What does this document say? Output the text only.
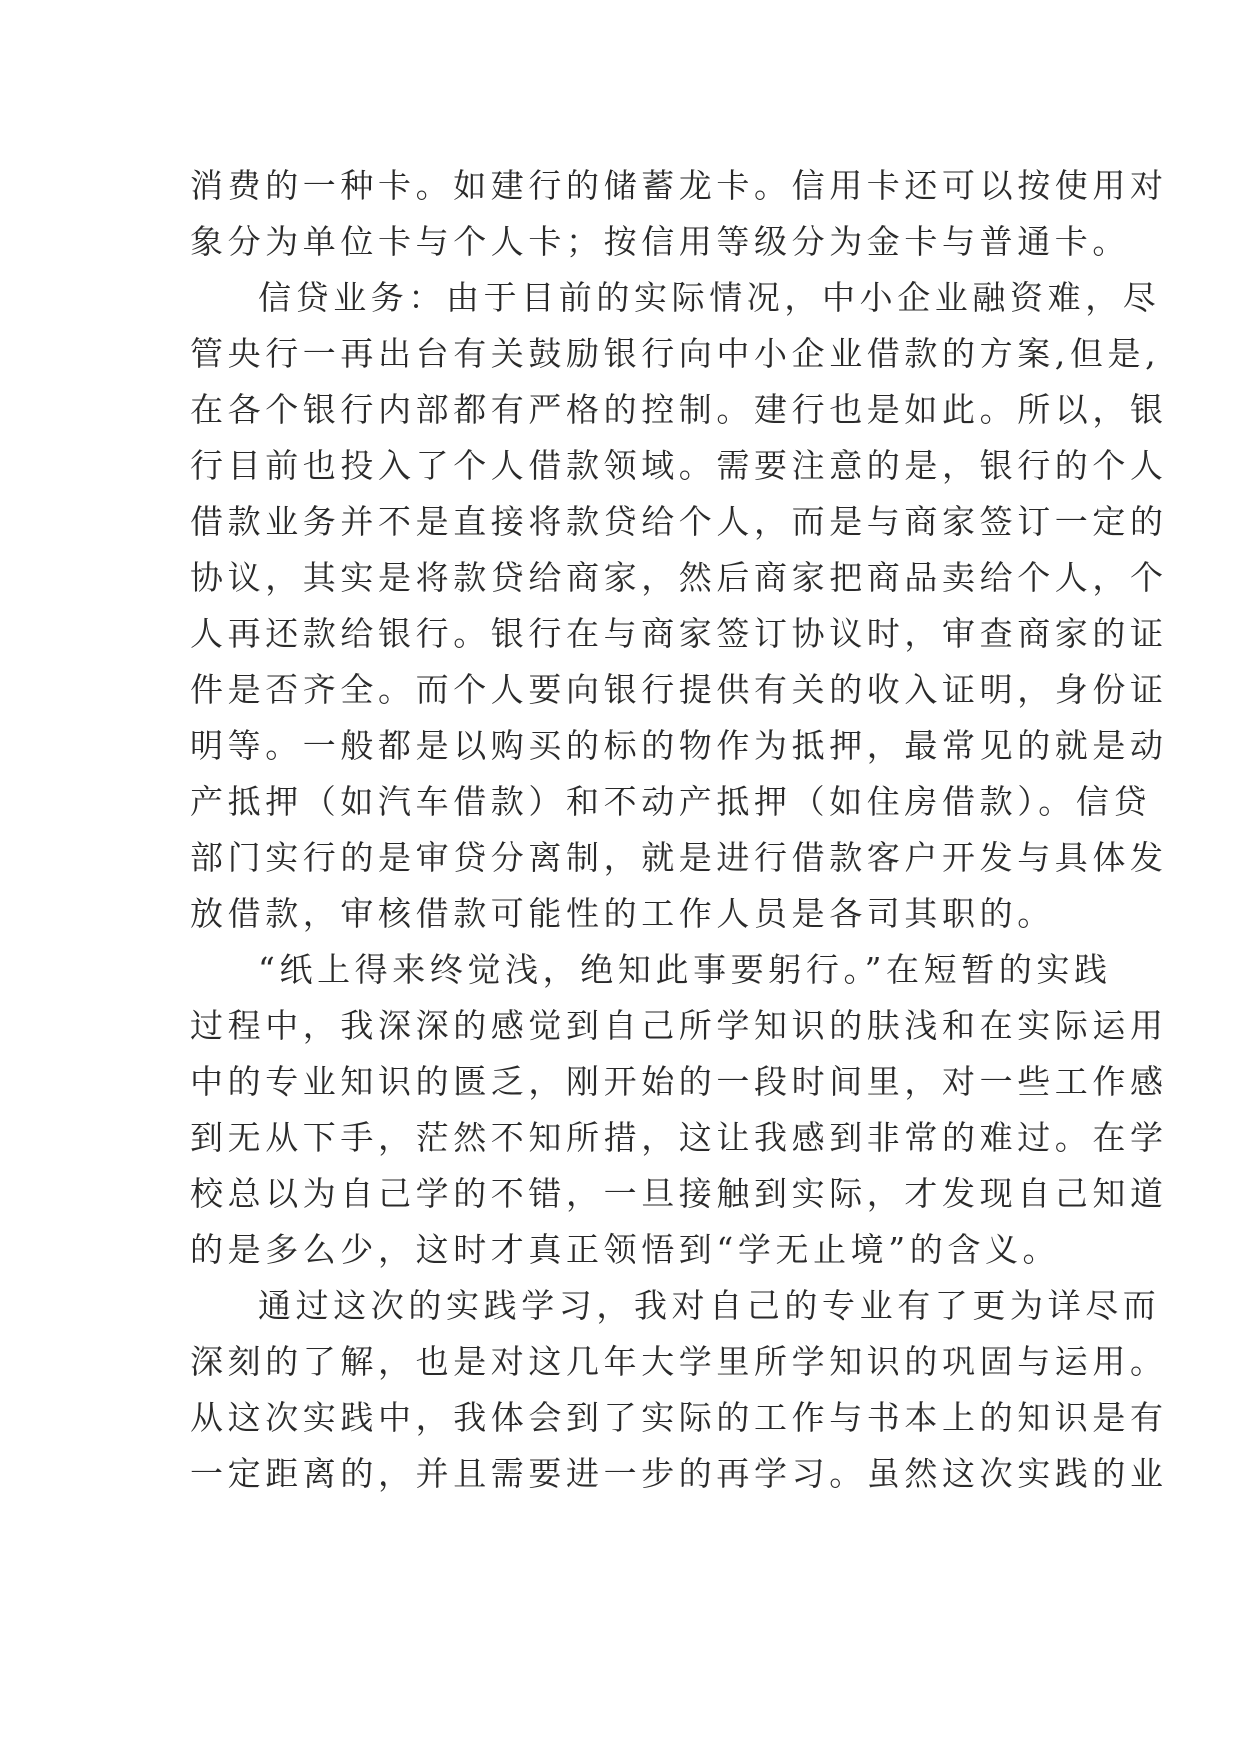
消费的一种卡。如建行的储蓄龙卡。信用卡还可以按使用对
象分为单位卡与个人卡；按信用等级分为金卡与普通卡。
信贷业务：由于目前的实际情况，中小企业融资难，尽
管央行一再出台有关鼓励银行向中小企业借款的方案,但是,
在各个银行内部都有严格的控制。建行也是如此。所以，银
行目前也投入了个人借款领域。需要注意的是，银行的个人
借款业务并不是直接将款贷给个人，而是与商家签订一定的
协议，其实是将款贷给商家，然后商家把商品卖给个人，个
人再还款给银行。银行在与商家签订协议时，审查商家的证
件是否齐全。而个人要向银行提供有关的收入证明，身份证
明等。一般都是以购买的标的物作为抵押，最常见的就是动
产抵押（如汽车借款）和不动产抵押（如住房借款）。信贷
部门实行的是审贷分离制，就是进行借款客户开发与具体发
放借款，审核借款可能性的工作人员是各司其职的。
“纸上得来终觉浅，绝知此事要躬行。”在短暂的实践
过程中，我深深的感觉到自己所学知识的肤浅和在实际运用
中的专业知识的匮乏，刚开始的一段时间里，对一些工作感
到无从下手，茫然不知所措，这让我感到非常的难过。在学
校总以为自己学的不错，一旦接触到实际，才发现自己知道
的是多么少，这时才真正领悟到“学无止境”的含义。
通过这次的实践学习，我对自己的专业有了更为详尽而
深刻的了解，也是对这几年大学里所学知识的巩固与运用。
从这次实践中，我体会到了实际的工作与书本上的知识是有
一定距离的，并且需要进一步的再学习。虽然这次实践的业
